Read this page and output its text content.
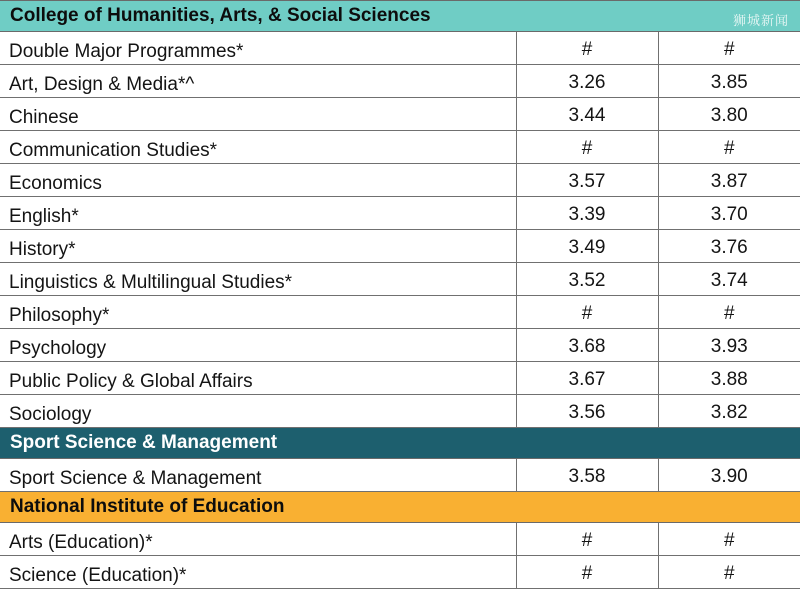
College of Humanities, Arts, & Social Sciences		
Double Major Programmes*	#	#
Art, Design & Media*^	3.26	3.85
Chinese	3.44	3.80
Communication Studies*	#	#
Economics	3.57	3.87
English*	3.39	3.70
History*	3.49	3.76
Linguistics & Multilingual Studies*	3.52	3.74
Philosophy*	#	#
Psychology	3.68	3.93
Public Policy & Global Affairs	3.67	3.88
Sociology	3.56	3.82
Sport Science & Management		
Sport Science & Management	3.58	3.90
National Institute of Education		
Arts (Education)*	#	#
Science (Education)*	#	#
狮城新闻
